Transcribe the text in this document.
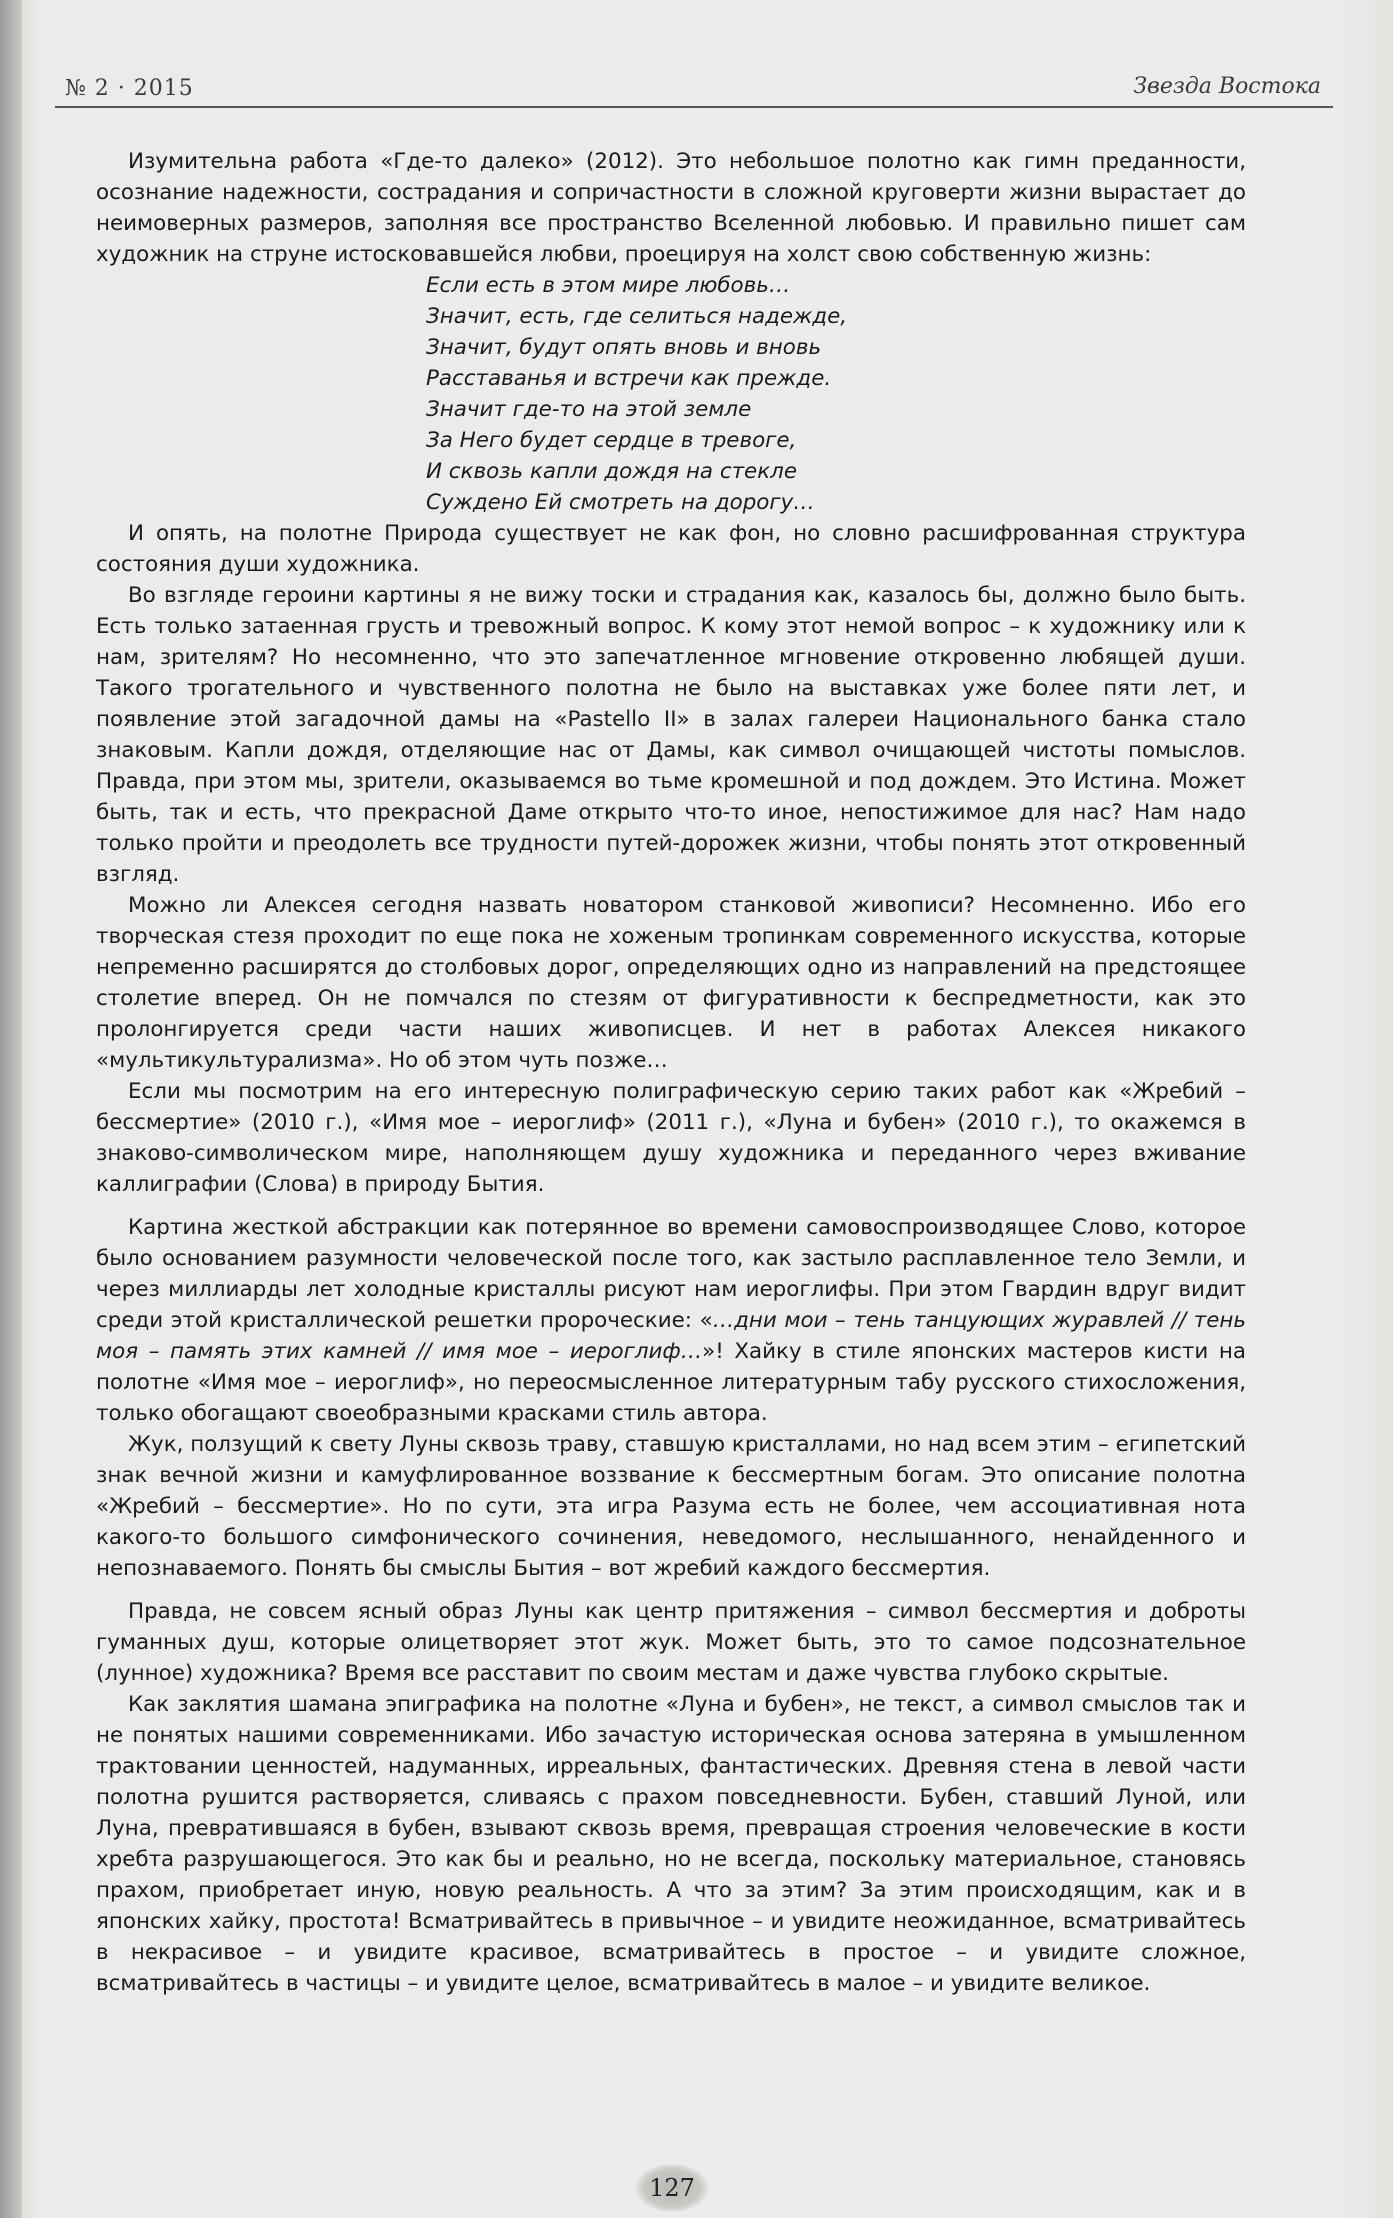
№ 2 · 2015	Звезда Востока

Изумительна работа «Где-то далеко» (2012). Это небольшое полотно как гимн преданности, осознание надежности, сострадания и сопричастности в сложной круговерти жизни вырастает до неимоверных размеров, заполняя все пространство Вселенной любовью. И правильно пишет сам художник на струне истосковавшейся любви, проецируя на холст свою собственную жизнь:

Если есть в этом мире любовь…
Значит, есть, где селиться надежде,
Значит, будут опять вновь и вновь
Расставанья и встречи как прежде.
Значит где-то на этой земле
За Него будет сердце в тревоге,
И сквозь капли дождя на стекле
Суждено Ей смотреть на дорогу…

И опять, на полотне Природа существует не как фон, но словно расшифрованная структура состояния души художника.

Во взгляде героини картины я не вижу тоски и страдания как, казалось бы, должно было быть. Есть только затаенная грусть и тревожный вопрос. К кому этот немой вопрос – к художнику или к нам, зрителям? Но несомненно, что это запечатленное мгновение откровенно любящей души. Такого трогательного и чувственного полотна не было на выставках уже более пяти лет, и появление этой загадочной дамы на «Pastello II» в залах галереи Национального банка стало знаковым. Капли дождя, отделяющие нас от Дамы, как символ очищающей чистоты помыслов. Правда, при этом мы, зрители, оказываемся во тьме кромешной и под дождем. Это Истина. Может быть, так и есть, что прекрасной Даме открыто что-то иное, непостижимое для нас? Нам надо только пройти и преодолеть все трудности путей-дорожек жизни, чтобы понять этот откровенный взгляд.

Можно ли Алексея сегодня назвать новатором станковой живописи? Несомненно. Ибо его творческая стезя проходит по еще пока не хоженым тропинкам современного искусства, которые непременно расширятся до столбовых дорог, определяющих одно из направлений на предстоящее столетие вперед. Он не помчался по стезям от фигуративности к беспредметности, как это пролонгируется среди части наших живописцев. И нет в работах Алексея никакого «мультикультурализма». Но об этом чуть позже…

Если мы посмотрим на его интересную полиграфическую серию таких работ как «Жребий – бессмертие» (2010 г.), «Имя мое – иероглиф» (2011 г.), «Луна и бубен» (2010 г.), то окажемся в знаково-символическом мире, наполняющем душу художника и переданного через вживание каллиграфии (Слова) в природу Бытия.

Картина жесткой абстракции как потерянное во времени самовоспроизводящее Слово, которое было основанием разумности человеческой после того, как застыло расплавленное тело Земли, и через миллиарды лет холодные кристаллы рисуют нам иероглифы. При этом Гвардин вдруг видит среди этой кристаллической решетки пророческие: «…дни мои – тень танцующих журавлей // тень моя – память этих камней // имя мое – иероглиф…»! Хайку в стиле японских мастеров кисти на полотне «Имя мое – иероглиф», но переосмысленное литературным табу русского стихосложения, только обогащают своеобразными красками стиль автора.

Жук, ползущий к свету Луны сквозь траву, ставшую кристаллами, но над всем этим – египетский знак вечной жизни и камуфлированное воззвание к бессмертным богам. Это описание полотна «Жребий – бессмертие». Но по сути, эта игра Разума есть не более, чем ассоциативная нота какого-то большого симфонического сочинения, неведомого, неслышанного, ненайденного и непознаваемого. Понять бы смыслы Бытия – вот жребий каждого бессмертия.

Правда, не совсем ясный образ Луны как центр притяжения – символ бессмертия и доброты гуманных душ, которые олицетворяет этот жук. Может быть, это то самое подсознательное (лунное) художника? Время все расставит по своим местам и даже чувства глубоко скрытые.

Как заклятия шамана эпиграфика на полотне «Луна и бубен», не текст, а символ смыслов так и не понятых нашими современниками. Ибо зачастую историческая основа затеряна в умышленном трактовании ценностей, надуманных, ирреальных, фантастических. Древняя стена в левой части полотна рушится растворяется, сливаясь с прахом повседневности. Бубен, ставший Луной, или Луна, превратившаяся в бубен, взывают сквозь время, превращая строения человеческие в кости хребта разрушающегося. Это как бы и реально, но не всегда, поскольку материальное, становясь прахом, приобретает иную, новую реальность. А что за этим? За этим происходящим, как и в японских хайку, простота! Всматривайтесь в привычное – и увидите неожиданное, всматривайтесь в некрасивое – и увидите красивое, всматривайтесь в простое – и увидите сложное, всматривайтесь в частицы – и увидите целое, всматривайтесь в малое – и увидите великое.

127
